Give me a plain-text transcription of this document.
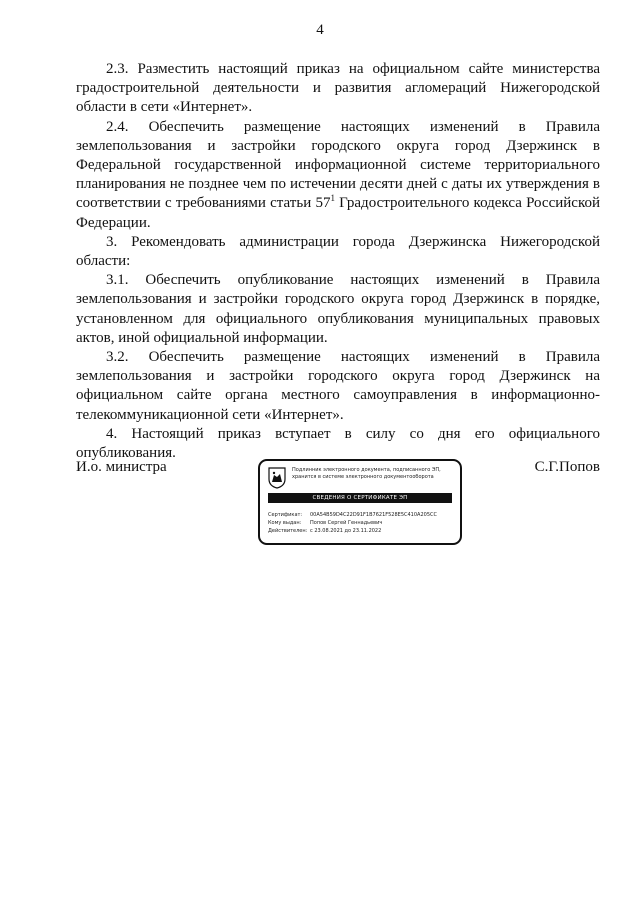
4

2.3. Разместить настоящий приказ на официальном сайте министерства градостроительной деятельности и развития агломераций Нижегородской области в сети «Интернет».

2.4. Обеспечить размещение настоящих изменений в Правила землепользования и застройки городского округа город Дзержинск в Федеральной государственной информационной системе территориального планирования не позднее чем по истечении десяти дней с даты их утверждения в соответствии с требованиями статьи $57^1$ Градостроительного кодекса Российской Федерации.

3. Рекомендовать администрации города Дзержинска Нижегородской области:

3.1. Обеспечить опубликование настоящих изменений в Правила землепользования и застройки городского округа город Дзержинск в порядке, установленном для официального опубликования муниципальных правовых актов, иной официальной информации.

3.2. Обеспечить размещение настоящих изменений в Правила землепользования и застройки городского округа город Дзержинск на официальном сайте органа местного самоуправления в информационно-телекоммуникационной сети «Интернет».

4. Настоящий приказ вступает в силу со дня его официального опубликования.

И.о. министра	Подлинник электронного документа, подписанного ЭП, хранится в системе электронного документооборота
СВЕДЕНИЯ О СЕРТИФИКАТЕ ЭП
Сертификат: 00A54B59D4C22D91F1B7621F528E5C410A205CC
Кому выдан: Попов Сергей Геннадьевич
Действителен: с 23.08.2021 до 23.11.2022
С.Г.Попов
